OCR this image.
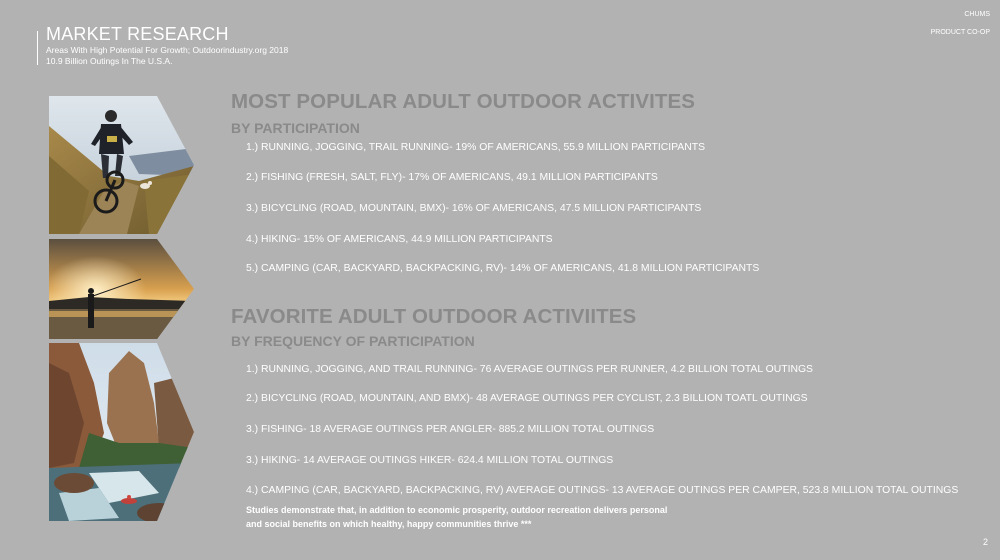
MARKET RESEARCH
Areas With High Potential For Growth; Outdoorindustry.org 2018
10.9 Billion Outings In The U.S.A.
CHUMS
PRODUCT CO-OP
MOST POPULAR ADULT OUTDOOR ACTIVITES
BY PARTICIPATION
1.) RUNNING, JOGGING, TRAIL RUNNING- 19% OF AMERICANS, 55.9 MILLION PARTICIPANTS
2.) FISHING (FRESH, SALT, FLY)- 17% OF AMERICANS, 49.1 MILLION PARTICIPANTS
3.) BICYCLING (ROAD, MOUNTAIN, BMX)- 16% OF AMERICANS, 47.5 MILLION PARTICIPANTS
4.) HIKING- 15% OF AMERICANS, 44.9 MILLION PARTICIPANTS
5.) CAMPING (CAR, BACKYARD, BACKPACKING, RV)- 14% OF AMERICANS, 41.8 MILLION PARTICIPANTS
FAVORITE ADULT OUTDOOR ACTIVIITES
BY FREQUENCY OF PARTICIPATION
1.) RUNNING, JOGGING, AND TRAIL RUNNING- 76 AVERAGE OUTINGS PER RUNNER, 4.2 BILLION TOTAL OUTINGS
2.) BICYCLING (ROAD, MOUNTAIN, AND BMX)- 48 AVERAGE OUTINGS PER CYCLIST, 2.3 BILLION TOATL OUTINGS
3.) FISHING- 18 AVERAGE OUTINGS PER ANGLER- 885.2 MILLION TOTAL OUTINGS
3.) HIKING- 14 AVERAGE OUTINGS HIKER- 624.4 MILLION TOTAL OUTINGS
4.) CAMPING (CAR, BACKYARD, BACKPACKING, RV) AVERAGE OUTINGS- 13 AVERAGE OUTINGS PER CAMPER, 523.8 MILLION TOTAL OUTINGS
Studies demonstrate that, in addition to economic prosperity, outdoor recreation delivers personal
and social benefits on which healthy, happy communities thrive ***
2
